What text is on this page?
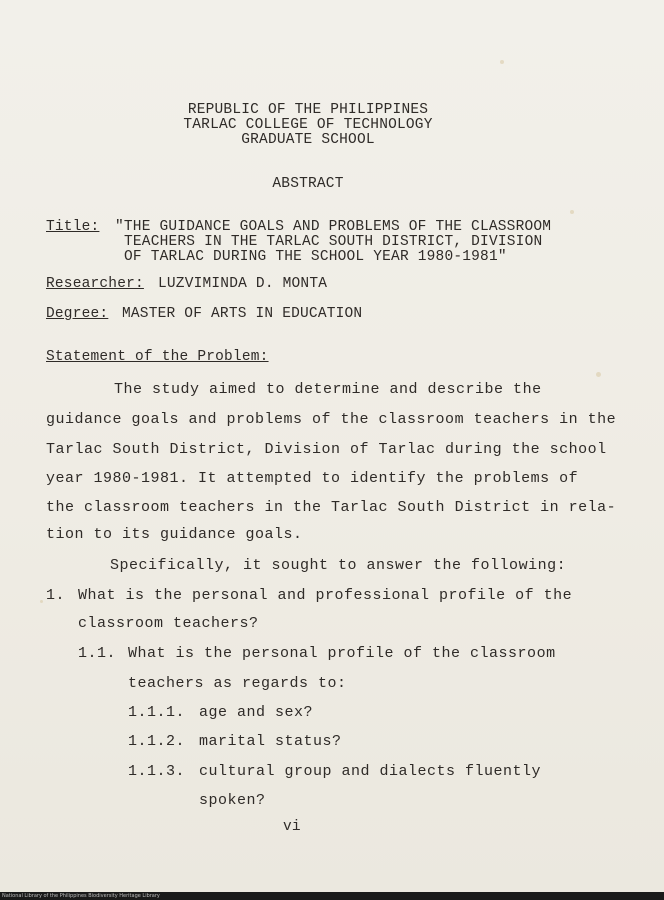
REPUBLIC OF THE PHILIPPINES
TARLAC COLLEGE OF TECHNOLOGY
GRADUATE SCHOOL
ABSTRACT
Title: "THE GUIDANCE GOALS AND PROBLEMS OF THE CLASSROOM
TEACHERS IN THE TARLAC SOUTH DISTRICT, DIVISION
OF TARLAC DURING THE SCHOOL YEAR 1980-1981"
Researcher: LUZVIMINDA D. MONTA
Degree: MASTER OF ARTS IN EDUCATION
Statement of the Problem:
The study aimed to determine and describe the
guidance goals and problems of the classroom teachers in the
Tarlac South District, Division of Tarlac during the school
year 1980-1981. It attempted to identify the problems of
the classroom teachers in the Tarlac South District in rela-
tion to its guidance goals.
Specifically, it sought to answer the following:
1. What is the personal and professional profile of the
classroom teachers?
1.1. What is the personal profile of the classroom
teachers as regards to:
1.1.1. age and sex?
1.1.2. marital status?
1.1.3. cultural group and dialects fluently
spoken?
vi
National Library of the Philippines Biodiversity Heritage Library
